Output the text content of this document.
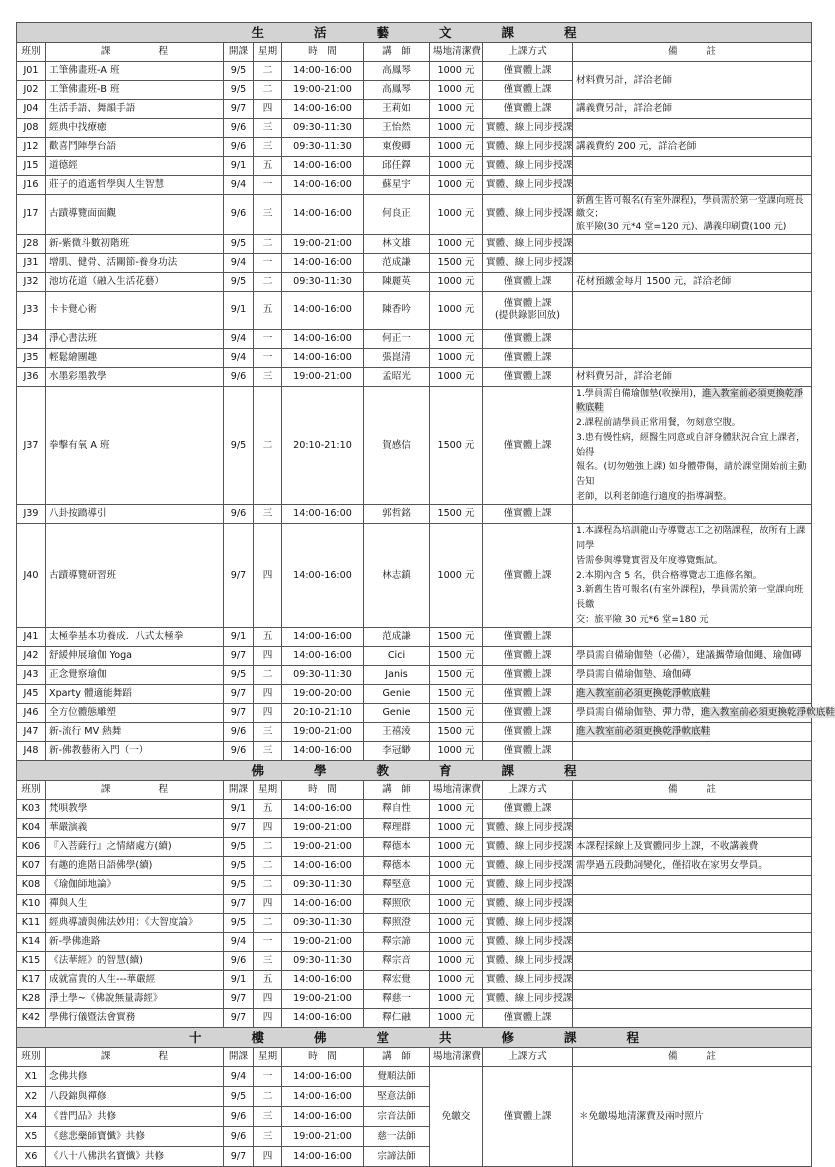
生活藝文課程								
班別	課　　　　　程	開課	星期	時　間	講　師	場地清潔費	上課方式	備　　　註
J01	工筆佛畫班-A 班	9/5	二	14:00-16:00	高鳳琴	1000 元	僅實體上課	材料費另計，詳洽老師
J02	工筆佛畫班-B 班	9/5	二	19:00-21:00	高鳳琴	1000 元	僅實體上課	
J04	生活手語、舞韻手語	9/7	四	14:00-16:00	王莉如	1000 元	僅實體上課	講義費另計，詳洽老師
J08	經典中找療癒	9/6	三	09:30-11:30	王怡然	1000 元	實體、線上同步授課	
J12	歡喜鬥陣學台語	9/6	三	09:30-11:30	東俊卿	1000 元	實體、線上同步授課	講義費約 200 元，詳洽老師
J15	道德經	9/1	五	14:00-16:00	邱任鐸	1000 元	實體、線上同步授課	
J16	莊子的逍遙哲學與人生智慧	9/4	一	14:00-16:00	蘇星宇	1000 元	實體、線上同步授課	
J17	古蹟導覽面面觀	9/6	三	14:00-16:00	何良正	1000 元	實體、線上同步授課	新舊生皆可報名(有室外課程)，學員需於第一堂課向班長繳交；
旅平險(30 元*4 堂=120 元)、講義印刷費(100 元)

J28	新-紫微斗數初階班	9/5	二	19:00-21:00	林文雄	1000 元	實體、線上同步授課	
J31	增肌、健骨、活關節-養身功法	9/4	一	14:00-16:00	范成謙	1500 元	實體、線上同步授課	
J32	池坊花道（融入生活花藝）	9/5	二	09:30-11:30	陳麗英	1000 元	僅實體上課	花材預繳金每月 1500 元，詳洽老師
J33	卡卡覺心術	9/1	五	14:00-16:00	陳香吟	1000 元	僅實體上課
(提供錄影回放)	

J34	淨心書法班	9/4	一	14:00-16:00	何正一	1000 元	僅實體上課	
J35	輕鬆繪團趣	9/4	一	14:00-16:00	張崑清	1000 元	僅實體上課	
J36	水墨彩墨教學	9/6	三	19:00-21:00	孟昭光	1000 元	僅實體上課	材料費另計，詳洽老師
J37	拳擊有氧 A 班	9/5	二	20:10-21:10	賀感信	1500 元	僅實體上課	1.學員需自備瑜伽墊(收操用)，進入教室前必須更換乾淨軟底鞋
2.課程前請學員正常用餐，勿刻意空腹。
3.患有慢性病，經醫生同意或自評身體狀況合宜上課者，始得
報名。(切勿勉強上課) 如身體帶傷，請於課堂開始前主動告知
老師，以利老師進行適度的指導調整。

J39	八卦按蹻導引	9/6	三	14:00-16:00	郭哲銘	1500 元	僅實體上課	
J40	古蹟導覽研習班	9/7	四	14:00-16:00	林志鎮	1000 元	僅實體上課	1.本課程為培訓龍山寺導覽志工之初階課程，故所有上課同學
皆需參與導覽實習及年度導覽甄試。
2.本期內含 5 名，供合格導覽志工進修名額。
3.新舊生皆可報名(有室外課程)，學員需於第一堂課向班長繳
交：旅平險 30 元*6 堂=180 元

J41	太極拳基本功養成．八式太極拳	9/1	五	14:00-16:00	范成謙	1500 元	僅實體上課	
J42	舒緩伸展瑜伽 Yoga	9/7	四	14:00-16:00	Cici	1500 元	僅實體上課	學員需自備瑜伽墊（必備），建議攜帶瑜伽繩、瑜伽磚
J43	正念覺察瑜伽	9/5	二	09:30-11:30	Janis	1500 元	僅實體上課	學員需自備瑜伽墊、瑜伽磚
J45	Xparty 體適能舞蹈	9/7	四	19:00-20:00	Genie	1500 元	僅實體上課	進入教室前必須更換乾淨軟底鞋
J46	全方位體態雕塑	9/7	四	20:10-21:10	Genie	1500 元	僅實體上課	學員需自備瑜伽墊、彈力帶，進入教室前必須更換乾淨軟底鞋
J47	新-流行 MV 熱舞	9/6	三	19:00-21:00	王禧淩	1500 元	僅實體上課	進入教室前必須更換乾淨軟底鞋
J48	新-佛教藝術入門（一）	9/6	三	14:00-16:00	李冠緲	1000 元	僅實體上課	
佛學教育課程								
班別	課　　　　　程	開課	星期	時　間	講　師	場地清潔費	上課方式	備　　　註
K03	梵唄教學	9/1	五	14:00-16:00	釋自性	1000 元	僅實體上課	
K04	華嚴演義	9/7	四	19:00-21:00	釋理群	1000 元	實體、線上同步授課	
K06	『入菩薩行』之情緒處方(續)	9/5	二	19:00-21:00	釋德本	1000 元	實體、線上同步授課	本課程採線上及實體同步上課，不收講義費
K07	有趣的進階日語佛學(續)	9/5	二	14:00-16:00	釋德本	1000 元	實體、線上同步授課	需學過五段動詞變化，僅招收在家男女學員。
K08	《瑜伽師地論》	9/5	二	09:30-11:30	釋堅意	1000 元	實體、線上同步授課	
K10	禪與人生	9/7	四	14:00-16:00	釋照欣	1000 元	實體、線上同步授課	
K11	經典導讀與佛法妙用：《大智度論》	9/5	二	09:30-11:30	釋照澄	1000 元	實體、線上同步授課	
K14	新-學佛進路	9/4	一	19:00-21:00	釋宗諦	1000 元	實體、線上同步授課	
K15	《法華經》的智慧(續)	9/6	三	09:30-11:30	釋宗音	1000 元	實體、線上同步授課	
K17	成就富貴的人生---華嚴經	9/1	五	14:00-16:00	釋宏覺	1000 元	實體、線上同步授課	
K28	淨土學~《佛說無量壽經》	9/7	四	19:00-21:00	釋慈一	1000 元	實體、線上同步授課	
K42	學佛行儀暨法會實務	9/7	四	14:00-16:00	釋仁融	1000 元	僅實體上課	
十樓佛堂共修課程								
班別	課　　　　　程	開課	星期	時　間	講　師	場地清潔費	上課方式	備　　　註
X1	念佛共修	9/4	一	14:00-16:00	覺順法師	免繳交	僅實體上課	＊免繳場地清潔費及兩吋照片
X2	八段錦與禪修	9/5	二	14:00-16:00	堅意法師			
X4	《普門品》共修	9/6	三	14:00-16:00	宗音法師			
X5	《慈悲藥師寶懺》共修	9/6	三	19:00-21:00	慈一法師			
X6	《八十八佛洪名寶懺》共修	9/7	四	14:00-16:00	宗諦法師			
